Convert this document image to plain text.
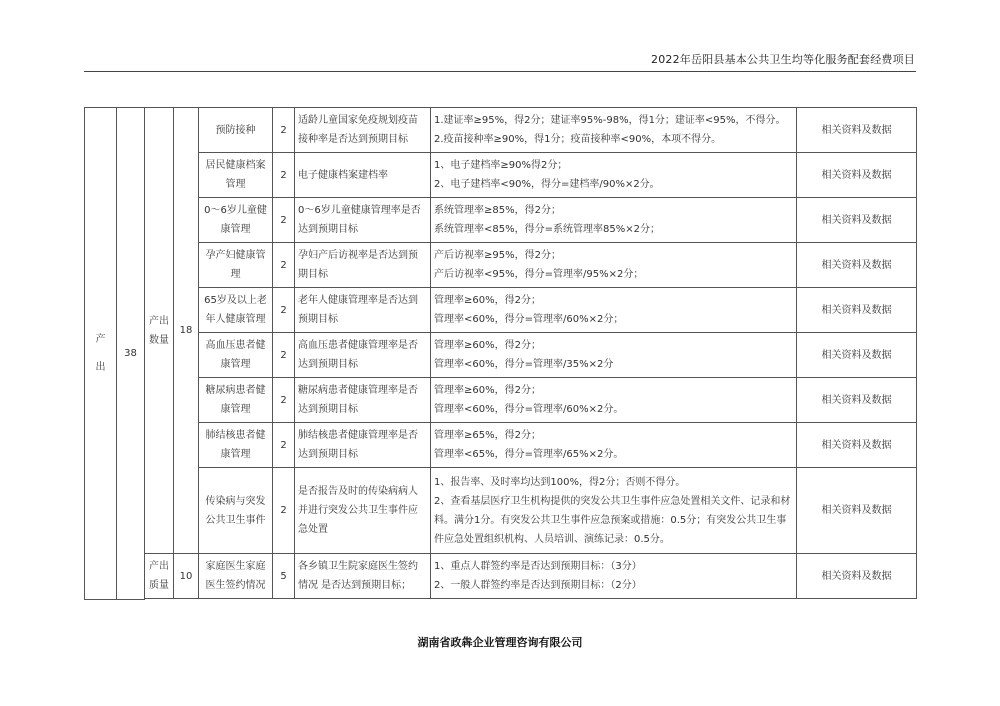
2022年岳阳县基本公共卫生均等化服务配套经费项目
产
出	38	产出数量	18	预防接种	2	适龄儿童国家免疫规划疫苗接种率是否达到预期目标	1.建证率≥95%，得2分；建证率95%-98%，得1分；建证率<95%，不得分。
2.疫苗接种率≥90%，得1分；疫苗接种率<90%，本项不得分。	相关资料及数据
				居民健康档案管理	2	电子健康档案建档率	1、电子建档率≥90%得2分；
2、电子建档率<90%，得分=建档率/90%×2分。	相关资料及数据
				0～6岁儿童健康管理	2	0～6岁儿童健康管理率是否达到预期目标	系统管理率≥85%，得2分；
系统管理率<85%，得分=系统管理率85%×2分；	相关资料及数据
				孕产妇健康管理	2	孕妇产后访视率是否达到预期目标	产后访视率≥95%，得2分；
产后访视率<95%，得分=管理率/95%×2分；	相关资料及数据
				65岁及以上老年人健康管理	2	老年人健康管理率是否达到预期目标	管理率≥60%，得2分；
管理率<60%，得分=管理率/60%×2分；	相关资料及数据
				高血压患者健康管理	2	高血压患者健康管理率是否达到预期目标	管理率≥60%，得2分；
管理率<60%，得分=管理率/35%×2分	相关资料及数据
				糖尿病患者健康管理	2	糖尿病患者健康管理率是否达到预期目标	管理率≥60%，得2分；
管理率<60%，得分=管理率/60%×2分。	相关资料及数据
				肺结核患者健康管理	2	肺结核患者健康管理率是否达到预期目标	管理率≥65%，得2分；
管理率<65%，得分=管理率/65%×2分。	相关资料及数据
				传染病与突发公共卫生事件	2	是否报告及时的传染病病人并进行突发公共卫生事件应急处置	1、报告率、及时率均达到100%，得2分；否则不得分。
2、查看基层医疗卫生机构提供的突发公共卫生事件应急处置相关文件、记录和材料。满分1分。有突发公共卫生事件应急预案或措施：0.5分；有突发公共卫生事件应急处置组织机构、人员培训、演练记录：0.5分。	相关资料及数据
		产出质量	10	家庭医生家庭医生签约情况	5	各乡镇卫生院家庭医生签约情况 是否达到预期目标；	1、重点人群签约率是否达到预期目标：（3分）
2、一般人群签约率是否达到预期目标：（2分）	相关资料及数据

湖南省政犇企业管理咨询有限公司
